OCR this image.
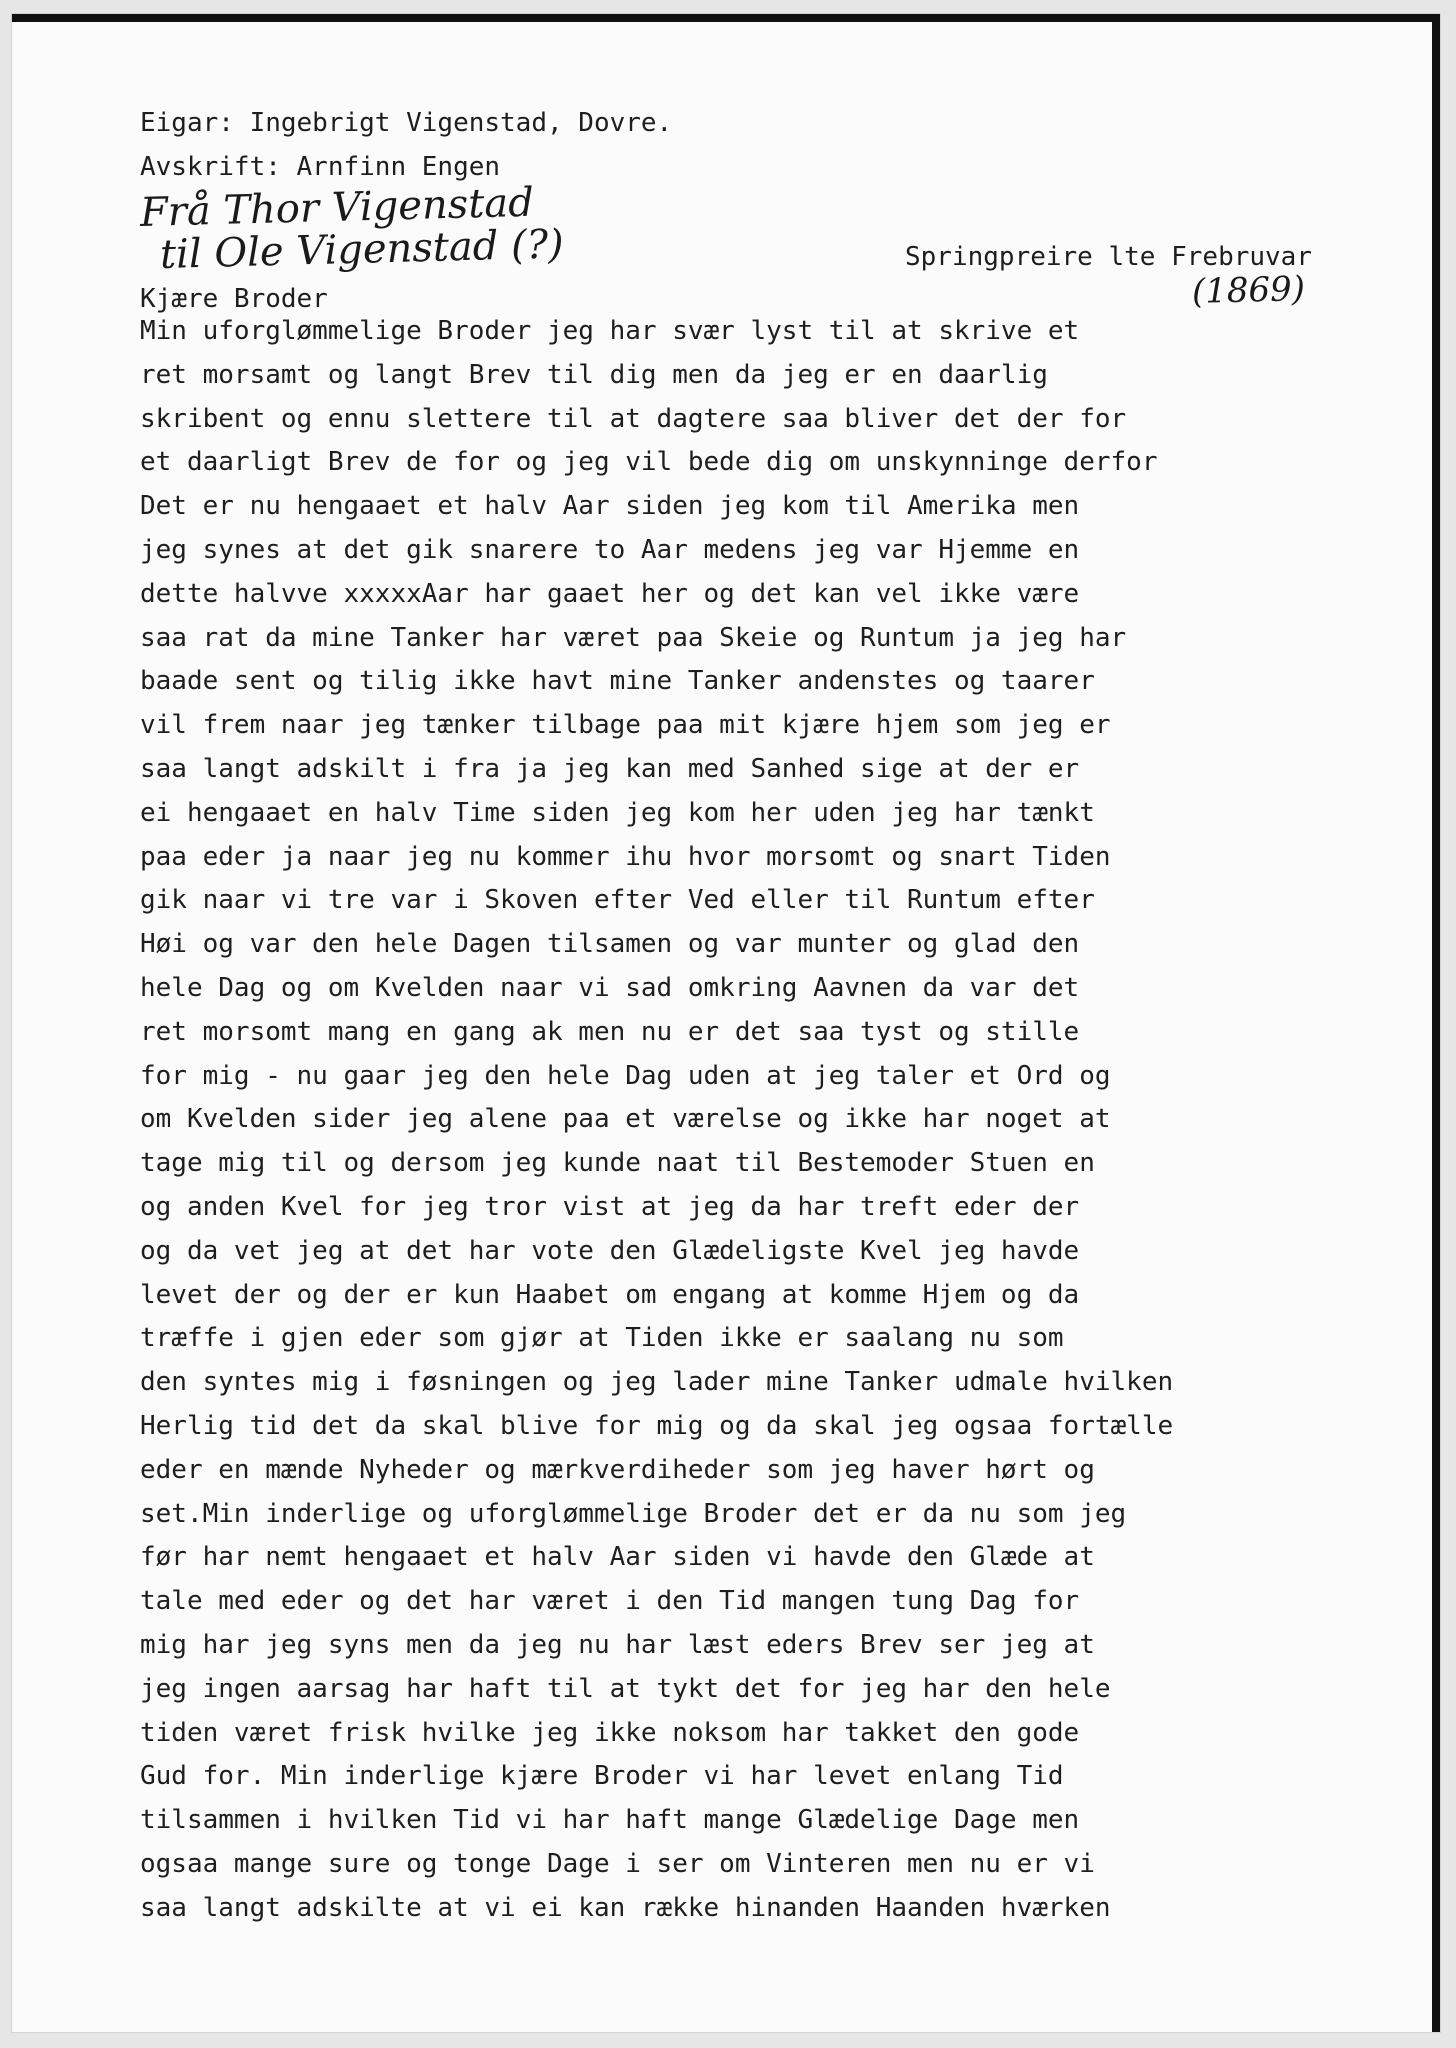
Eigar: Ingebrigt Vigenstad, Dovre.

Avskrift: Arnfinn Engen

Frå Thor Vigenstad
til Ole Vigenstad (?)	Springpreire lte Frebruvar

(1869)

Kjære Broder

Min uforglømmelige Broder jeg har svær lyst til at skrive et
ret morsamt og langt Brev til dig men da jeg er en daarlig
skribent og ennu slettere til at dagtere saa bliver det der for
et daarligt Brev de for og jeg vil bede dig om unskynninge derfor
Det er nu hengaaet et halv Aar siden jeg kom til Amerika men
jeg synes at det gik snarere to Aar medens jeg var Hjemme en
dette halvve xxxxxAar har gaaet her og det kan vel ikke være
saa rat da mine Tanker har været paa Skeie og Runtum ja jeg har
baade sent og tilig ikke havt mine Tanker andenstes og taarer
vil frem naar jeg tænker tilbage paa mit kjære hjem som jeg er
saa langt adskilt i fra ja jeg kan med Sanhed sige at der er
ei hengaaet en halv Time siden jeg kom her uden jeg har tænkt
paa eder ja naar jeg nu kommer ihu hvor morsomt og snart Tiden
gik naar vi tre var i Skoven efter Ved eller til Runtum efter
Høi og var den hele Dagen tilsamen og var munter og glad den
hele Dag og om Kvelden naar vi sad omkring Aavnen da var det
ret morsomt mang en gang ak men nu er det saa tyst og stille
for mig - nu gaar jeg den hele Dag uden at jeg taler et Ord og
om Kvelden sider jeg alene paa et værelse og ikke har noget at
tage mig til og dersom jeg kunde naat til Bestemoder Stuen en
og anden Kvel for jeg tror vist at jeg da har treft eder der
og da vet jeg at det har vote den Glædeligste Kvel jeg havde
levet der og der er kun Haabet om engang at komme Hjem og da
træffe i gjen eder som gjør at Tiden ikke er saalang nu som
den syntes mig i føsningen og jeg lader mine Tanker udmale hvilken
Herlig tid det da skal blive for mig og da skal jeg ogsaa fortælle
eder en mænde Nyheder og mærkverdiheder som jeg haver hørt og
set.Min inderlige og uforglømmelige Broder det er da nu som jeg
før har nemt hengaaet et halv Aar siden vi havde den Glæde at
tale med eder og det har været i den Tid mangen tung Dag for
mig har jeg syns men da jeg nu har læst eders Brev ser jeg at
jeg ingen aarsag har haft til at tykt det for jeg har den hele
tiden været frisk hvilke jeg ikke noksom har takket den gode
Gud for. Min inderlige kjære Broder vi har levet enlang Tid
tilsammen i hvilken Tid vi har haft mange Glædelige Dage men
ogsaa mange sure og tonge Dage i ser om Vinteren men nu er vi
saa langt adskilte at vi ei kan række hinanden Haanden hværken
